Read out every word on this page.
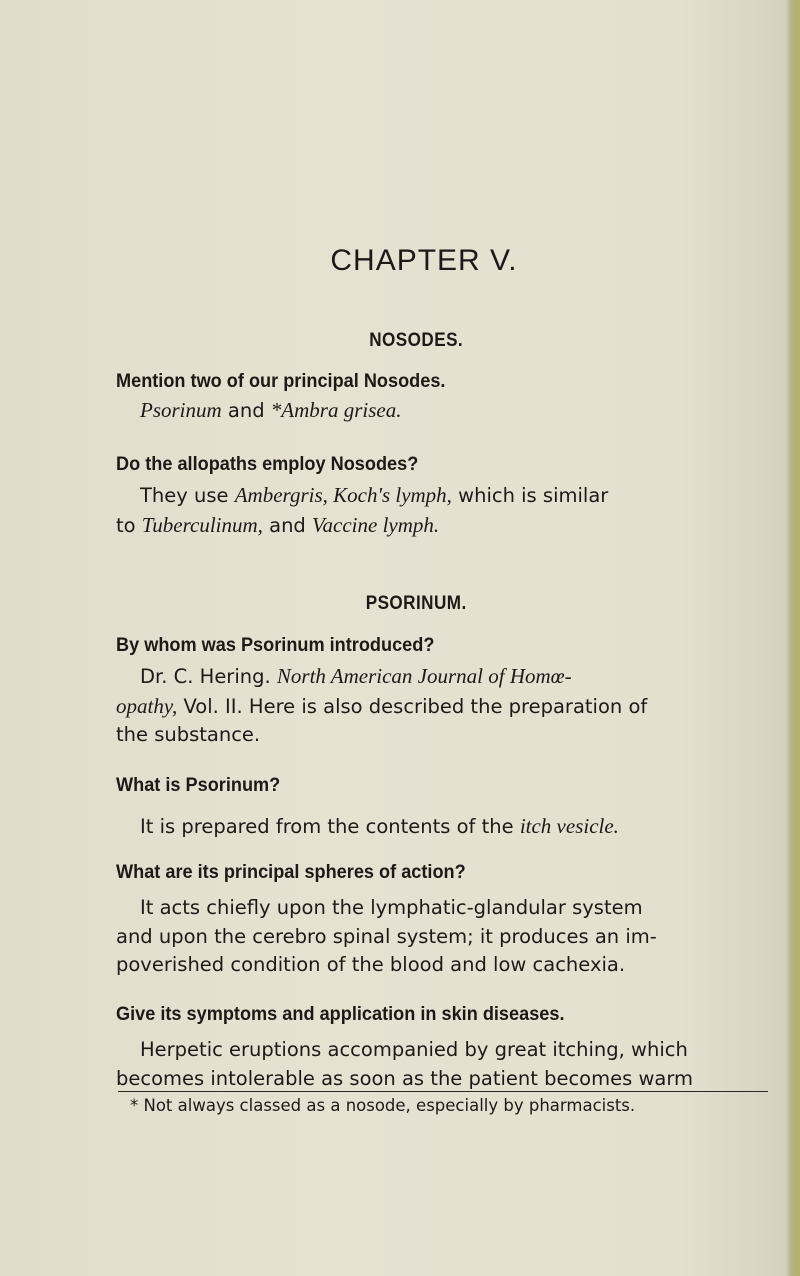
CHAPTER V.
NOSODES.
Mention two of our principal Nosodes.
Psorinum and *Ambra grisea.
Do the allopaths employ Nosodes?
They use Ambergris, Koch's lymph, which is similar
to Tuberculinum, and Vaccine lymph.
PSORINUM.
By whom was Psorinum introduced?
Dr. C. Hering. North American Journal of Homœ-
opathy, Vol. II. Here is also described the preparation of
the substance.
What is Psorinum?
It is prepared from the contents of the itch vesicle.
What are its principal spheres of action?
It acts chiefly upon the lymphatic-glandular system
and upon the cerebro spinal system; it produces an im-
poverished condition of the blood and low cachexia.
Give its symptoms and application in skin diseases.
Herpetic eruptions accompanied by great itching, which
becomes intolerable as soon as the patient becomes warm
* Not always classed as a nosode, especially by pharmacists.
